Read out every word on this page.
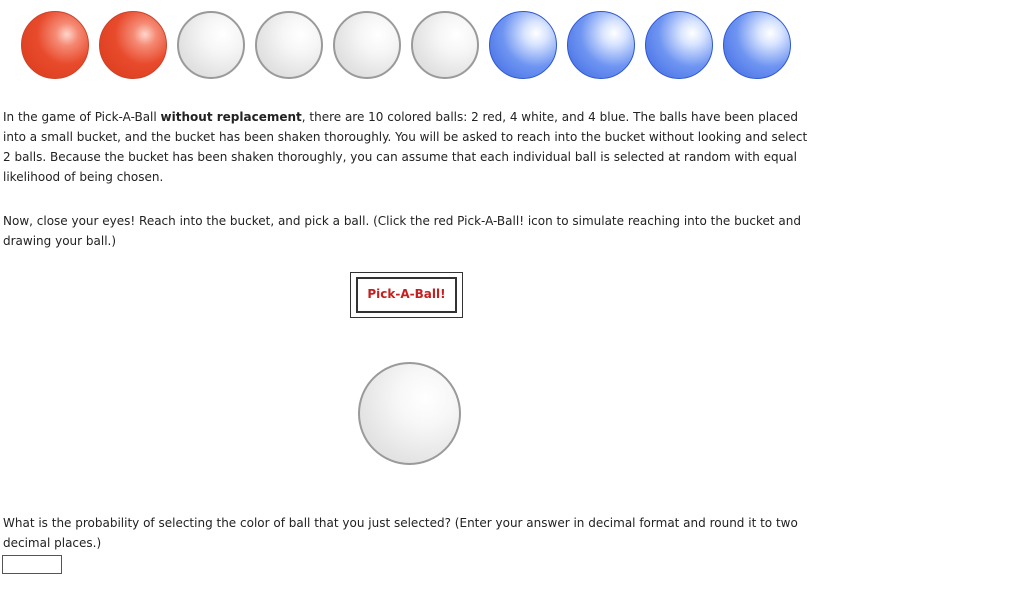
In the game of Pick-A-Ball without replacement, there are 10 colored balls: 2 red, 4 white, and 4 blue. The balls have been placed into a small bucket, and the bucket has been shaken thoroughly. You will be asked to reach into the bucket without looking and select 2 balls. Because the bucket has been shaken thoroughly, you can assume that each individual ball is selected at random with equal likelihood of being chosen.

Now, close your eyes! Reach into the bucket, and pick a ball. (Click the red Pick-A-Ball! icon to simulate reaching into the bucket and drawing your ball.)

Pick-A-Ball!

What is the probability of selecting the color of ball that you just selected? (Enter your answer in decimal format and round it to two decimal places.)
